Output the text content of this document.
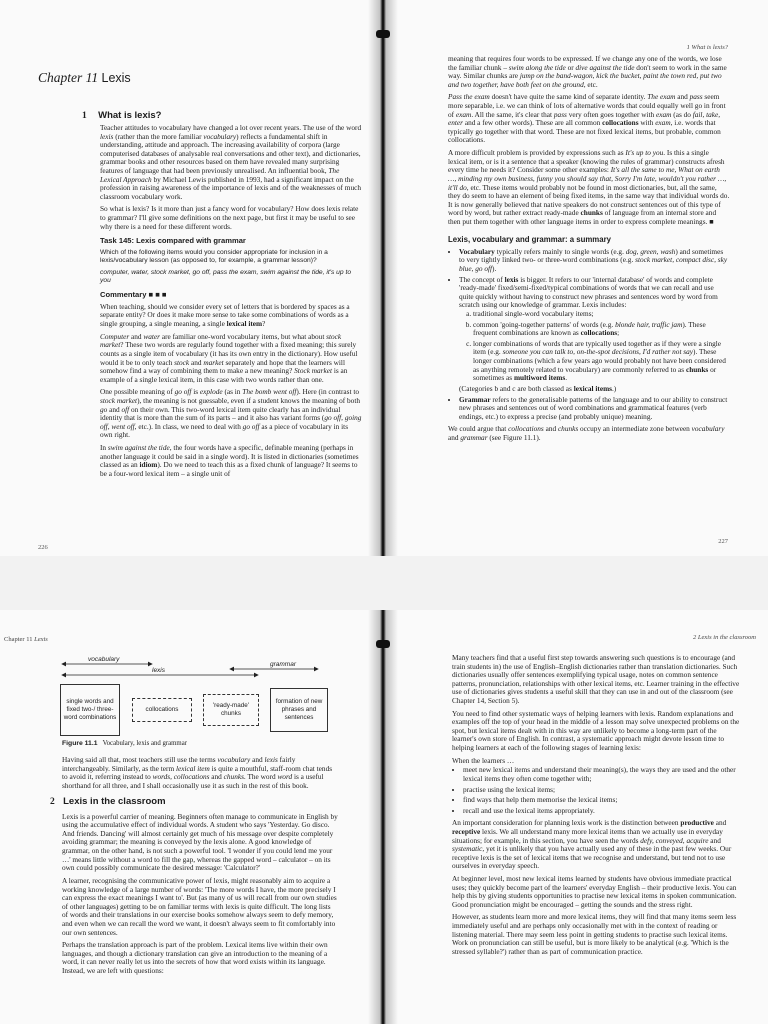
Chapter 11 Lexis
1 What is lexis?

Teacher attitudes to vocabulary have changed a lot over recent years. The use of the word lexis (rather than the more familiar vocabulary) reflects a fundamental shift in understanding, attitude and approach. The increasing availability of corpora (large computerised databases of analysable real conversations and other text), and dictionaries, grammar books and other resources based on them have revealed many surprising features of language that had been previously unrealised. An influential book, The Lexical Approach by Michael Lewis published in 1993, had a significant impact on the profession in raising awareness of the importance of lexis and of the weaknesses of much classroom vocabulary work.

So what is lexis? Is it more than just a fancy word for vocabulary? How does lexis relate to grammar? I'll give some definitions on the next page, but first it may be useful to see why there is a need for these different words.

Task 145: Lexis compared with grammar

Which of the following items would you consider appropriate for inclusion in a lexis/vocabulary lesson (as opposed to, for example, a grammar lesson)?

computer, water, stock market, go off, pass the exam, swim against the tide, it's up to you

Commentary ■ ■ ■

When teaching, should we consider every set of letters that is bordered by spaces as a separate entity? Or does it make more sense to take some combinations of words as a single grouping, a single meaning, a single lexical item?

Computer and water are familiar one-word vocabulary items, but what about stock market? These two words are regularly found together with a fixed meaning; this surely counts as a single item of vocabulary (it has its own entry in the dictionary). How useful would it be to only teach stock and market separately and hope that the learners will somehow find a way of combining them to make a new meaning? Stock market is an example of a single lexical item, in this case with two words rather than one.

One possible meaning of go off is explode (as in The bomb went off). Here (in contrast to stock market), the meaning is not guessable, even if a student knows the meaning of both go and off on their own. This two-word lexical item quite clearly has an individual identity that is more than the sum of its parts – and it also has variant forms (go off, going off, went off, etc.). In class, we need to deal with go off as a piece of vocabulary in its own right.

In swim against the tide, the four words have a specific, definable meaning (perhaps in another language it could be said in a single word). It is listed in dictionaries (sometimes classed as an idiom). Do we need to teach this as a fixed chunk of language? It seems to be a four-word lexical item – a single unit of

226
1 What is lexis?

meaning that requires four words to be expressed. If we change any one of the words, we lose the familiar chunk – swim along the tide or dive against the tide don't seem to work in the same way. Similar chunks are jump on the band-wagon, kick the bucket, paint the town red, put two and two together, have both feet on the ground, etc.

Pass the exam doesn't have quite the same kind of separate identity. The exam and pass seem more separable, i.e. we can think of lots of alternative words that could equally well go in front of exam. All the same, it's clear that pass very often goes together with exam (as do fail, take, enter and a few other words). These are all common collocations with exam, i.e. words that typically go together with that word. These are not fixed lexical items, but probable, common collocations.

A more difficult problem is provided by expressions such as It's up to you. Is this a single lexical item, or is it a sentence that a speaker (knowing the rules of grammar) constructs afresh every time he needs it? Consider some other examples: It's all the same to me, What on earth …, minding my own business, funny you should say that, Sorry I'm late, wouldn't you rather …, it'll do, etc. These items would probably not be found in most dictionaries, but, all the same, they do seem to have an element of being fixed items, in the same way that individual words do. It is now generally believed that native speakers do not construct sentences out of this type of word by word, but rather extract ready-made chunks of language from an internal store and then put them together with other language items in order to express complete meanings. ■

Lexis, vocabulary and grammar: a summary
• Vocabulary typically refers mainly to single words (e.g. dog, green, wash) and sometimes to very tightly linked two- or three-word combinations (e.g. stock market, compact disc, sky blue, go off).
• The concept of lexis is bigger. It refers to our 'internal database' of words and complete 'ready-made' fixed/semi-fixed/typical combinations of words that we can recall and use quite quickly without having to construct new phrases and sentences word by word from scratch using our knowledge of grammar. Lexis includes:
a. traditional single-word vocabulary items;
b. common 'going-together patterns' of words (e.g. blonde hair, traffic jam). These frequent combinations are known as collocations;
c. longer combinations of words that are typically used together as if they were a single item (e.g. someone you can talk to, on-the-spot decisions, I'd rather not say). These longer combinations (which a few years ago would probably not have been considered as anything remotely related to vocabulary) are commonly referred to as chunks or sometimes as multiword items.
(Categories b and c are both classed as lexical items.)
• Grammar refers to the generalisable patterns of the language and to our ability to construct new phrases and sentences out of word combinations and grammatical features (verb endings, etc.) to express a precise (and probably unique) meaning.

We could argue that collocations and chunks occupy an intermediate zone between vocabulary and grammar (see Figure 11.1).

227
Chapter 11 Lexis
vocabulary
grammar
lexis
single words and fixed two-/ three-word combinations
collocations
'ready-made' chunks
formation of new phrases and sentences
Figure 11.1 Vocabulary, lexis and grammar

Having said all that, most teachers still use the terms vocabulary and lexis fairly interchangeably. Similarly, as the term lexical item is quite a mouthful, staff-room chat tends to avoid it, referring instead to words, collocations and chunks. The word word is a useful shorthand for all three, and I shall occasionally use it as such in the rest of this book.

2 Lexis in the classroom

Lexis is a powerful carrier of meaning. Beginners often manage to communicate in English by using the accumulative effect of individual words. A student who says 'Yesterday. Go disco. And friends. Dancing' will almost certainly get much of his message over despite completely avoiding grammar; the meaning is conveyed by the lexis alone. A good knowledge of grammar, on the other hand, is not such a powerful tool. 'I wonder if you could lend me your …' means little without a word to fill the gap, whereas the gapped word – calculator – on its own could possibly communicate the desired message: 'Calculator?'

A learner, recognising the communicative power of lexis, might reasonably aim to acquire a working knowledge of a large number of words: 'The more words I have, the more precisely I can express the exact meanings I want to'. But (as many of us will recall from our own studies of other languages) getting to be on familiar terms with lexis is quite difficult. The long lists of words and their translations in our exercise books somehow always seem to defy memory, and even when we can recall the word we want, it doesn't always seem to fit comfortably into our own sentences.

Perhaps the translation approach is part of the problem. Lexical items live within their own languages, and though a dictionary translation can give an introduction to the meaning of a word, it can never really let us into the secrets of how that word exists within its language. Instead, we are left with questions:

2 Lexis in the classroom

Many teachers find that a useful first step towards answering such questions is to encourage (and train students in) the use of English–English dictionaries rather than translation dictionaries. Such dictionaries usually offer sentences exemplifying typical usage, notes on common sentence patterns, pronunciation, relationships with other lexical items, etc. Learner training in the effective use of dictionaries gives students a useful skill that they can use in and out of the classroom (see Chapter 14, Section 5).

You need to find other systematic ways of helping learners with lexis. Random explanations and examples off the top of your head in the middle of a lesson may solve unexpected problems on the spot, but lexical items dealt with in this way are unlikely to become a long-term part of the learner's own store of English. In contrast, a systematic approach might devote lesson time to helping learners at each of the following stages of learning lexis:

When the learners …

• meet new lexical items and understand their meaning(s), the ways they are used and the other lexical items they often come together with;
• practise using the lexical items;
• find ways that help them memorise the lexical items;
• recall and use the lexical items appropriately.

An important consideration for planning lexis work is the distinction between productive and receptive lexis. We all understand many more lexical items than we actually use in everyday situations; for example, in this section, you have seen the words defy, conveyed, acquire and systematic, yet it is unlikely that you have actually used any of these in the past few weeks. Our receptive lexis is the set of lexical items that we recognise and understand, but tend not to use ourselves in everyday speech.

At beginner level, most new lexical items learned by students have obvious immediate practical uses; they quickly become part of the learners' everyday English – their productive lexis. You can help this by giving students opportunities to practise new lexical items in spoken communication. Good pronunciation might be encouraged – getting the sounds and the stress right.

However, as students learn more and more lexical items, they will find that many items seem less immediately useful and are perhaps only occasionally met with in the context of reading or listening material. There may seem less point in getting students to practise such lexical items. Work on pronunciation can still be useful, but is more likely to be analytical (e.g. 'Which is the stressed syllable?') rather than as part of communication practice.
